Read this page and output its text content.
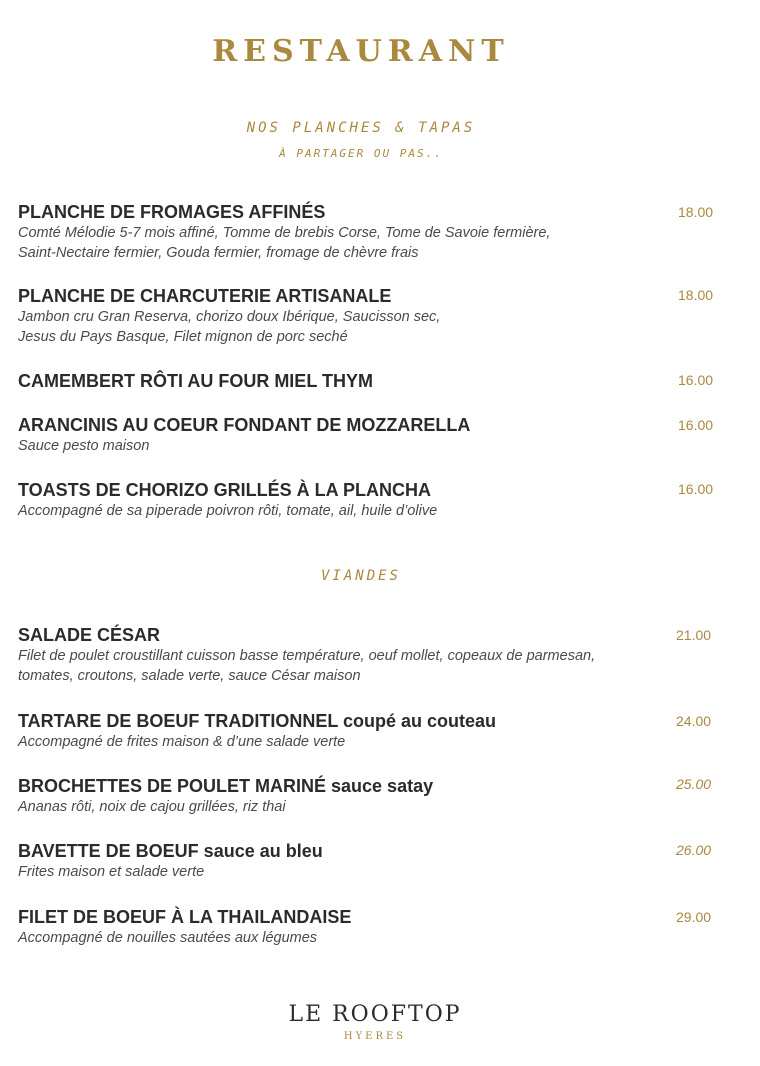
RESTAURANT
NOS PLANCHES & TAPAS
À PARTAGER OU PAS..
PLANCHE DE FROMAGES AFFINÉS
Comté Mélodie 5-7 mois affiné, Tomme de brebis Corse, Tome de Savoie fermière,
Saint-Nectaire fermier, Gouda fermier, fromage de chèvre frais
18.00
PLANCHE DE CHARCUTERIE ARTISANALE
Jambon cru Gran Reserva, chorizo doux Ibérique, Saucisson sec,
Jesus du Pays Basque, Filet mignon de porc seché
18.00
CAMEMBERT RÔTI AU FOUR MIEL THYM	16.00
ARANCINIS AU COEUR FONDANT DE MOZZARELLA
Sauce pesto maison
16.00
TOASTS DE CHORIZO GRILLÉS À LA PLANCHA
Accompagné de sa piperade poivron rôti, tomate, ail, huile d’olive
16.00
VIANDES
SALADE CÉSAR
Filet de poulet croustillant cuisson basse température, oeuf mollet, copeaux de parmesan,
tomates, croutons, salade verte, sauce César maison
21.00
TARTARE DE BOEUF TRADITIONNEL coupé au couteau
Accompagné de frites maison & d’une salade verte
24.00
BROCHETTES DE POULET MARINÉ sauce satay
Ananas rôti, noix de cajou grillées, riz thai
25.00
BAVETTE DE BOEUF sauce au bleu
Frites maison et salade verte
26.00
FILET DE BOEUF À LA THAILANDAISE
Accompagné de nouilles sautées aux légumes
29.00
LE ROOFTOP
HYERES
